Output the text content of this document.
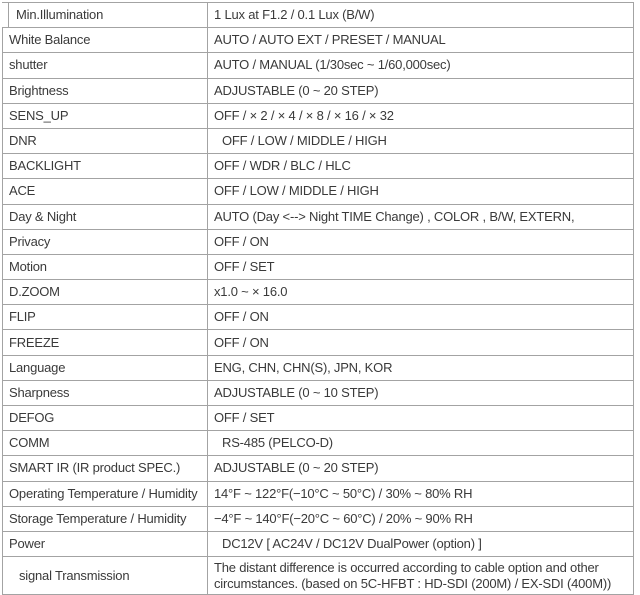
Min.Illumination	1 Lux at F1.2 / 0.1 Lux (B/W)
White Balance	AUTO / AUTO EXT / PRESET / MANUAL
shutter	AUTO / MANUAL (1/30sec ~ 1/60,000sec)
Brightness	ADJUSTABLE (0 ~ 20 STEP)
SENS_UP	OFF / × 2 / × 4 / × 8 / × 16 / × 32
DNR	OFF / LOW / MIDDLE / HIGH
BACKLIGHT	OFF / WDR / BLC / HLC
ACE	OFF / LOW / MIDDLE / HIGH
Day & Night	AUTO (Day <--> Night TIME Change) , COLOR , B/W, EXTERN,
Privacy	OFF / ON
Motion	OFF / SET
D.ZOOM	x1.0 ~ × 16.0
FLIP	OFF / ON
FREEZE	OFF / ON
Language	ENG, CHN, CHN(S), JPN, KOR
Sharpness	ADJUSTABLE (0 ~ 10 STEP)
DEFOG	OFF / SET
COMM	RS-485 (PELCO-D)
SMART IR (IR product SPEC.)	ADJUSTABLE (0 ~ 20 STEP)
Operating Temperature / Humidity	14°F ~ 122°F(−10°C ~ 50°C) / 30% ~ 80% RH
Storage Temperature / Humidity	−4°F ~ 140°F(−20°C ~ 60°C) / 20% ~ 90% RH
Power	DC12V [ AC24V / DC12V DualPower (option) ]
signal Transmission	The distant difference is occurred according to cable option and other circumstances. (based on 5C-HFBT : HD-SDI (200M) / EX-SDI (400M))
